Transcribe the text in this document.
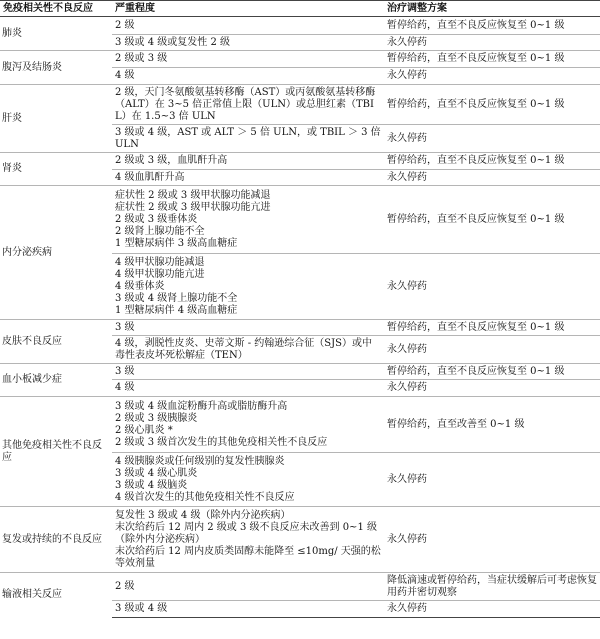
免疫相关性不良反应	严重程度	治疗调整方案
肺炎	2 级	暂停给药，直至不良反应恢复至 0~1 级
	3 级或 4 级或复发性 2 级	永久停药
腹泻及结肠炎	2 级或 3 级	暂停给药，直至不良反应恢复至 0~1 级
	4 级	永久停药
肝炎	2 级，天门冬氨酸氨基转移酶（AST）或丙氨酸氨基转移酶（ALT）在 3~5 倍正常值上限（ULN）或总胆红素（TBIL）在 1.5~3 倍 ULN	暂停给药，直至不良反应恢复至 0~1 级
	3 级或 4 级，AST 或 ALT ＞ 5 倍 ULN，或 TBIL ＞ 3 倍 ULN	永久停药
肾炎	2 级或 3 级，血肌酐升高	暂停给药，直至不良反应恢复至 0~1 级
	4 级血肌酐升高	永久停药
内分泌疾病	症状性 2 级或 3 级甲状腺功能减退
症状性 2 级或 3 级甲状腺功能亢进
2 级或 3 级垂体炎
2 级肾上腺功能不全
1 型糖尿病伴 3 级高血糖症	暂停给药，直至不良反应恢复至 0~1 级
	4 级甲状腺功能减退
4 级甲状腺功能亢进
4 级垂体炎
3 级或 4 级肾上腺功能不全
1 型糖尿病伴 4 级高血糖症	永久停药
皮肤不良反应	3 级	暂停给药，直至不良反应恢复至 0~1 级
	4 级，剥脱性皮炎、史蒂文斯 - 约翰逊综合征（SJS）或中毒性表皮坏死松解症（TEN）	永久停药
血小板减少症	3 级	暂停给药，直至不良反应恢复至 0~1 级
	4 级	永久停药
其他免疫相关性不良反应	3 级或 4 级血淀粉酶升高或脂肪酶升高
2 级或 3 级胰腺炎
2 级心肌炎 *
2 级或 3 级首次发生的其他免疫相关性不良反应	暂停给药，直至改善至 0~1 级
	4 级胰腺炎或任何级别的复发性胰腺炎
3 级或 4 级心肌炎
3 级或 4 级脑炎
4 级首次发生的其他免疫相关性不良反应	永久停药
复发或持续的不良反应	复发性 3 级或 4 级（除外内分泌疾病）
末次给药后 12 周内 2 级或 3 级不良反应未改善到 0~1 级（除外内分泌疾病）
末次给药后 12 周内皮质类固醇未能降至 ≤10mg/ 天强的松等效剂量	永久停药
输液相关反应	2 级	降低滴速或暂停给药，当症状缓解后可考虑恢复用药并密切观察
	3 级或 4 级	永久停药
